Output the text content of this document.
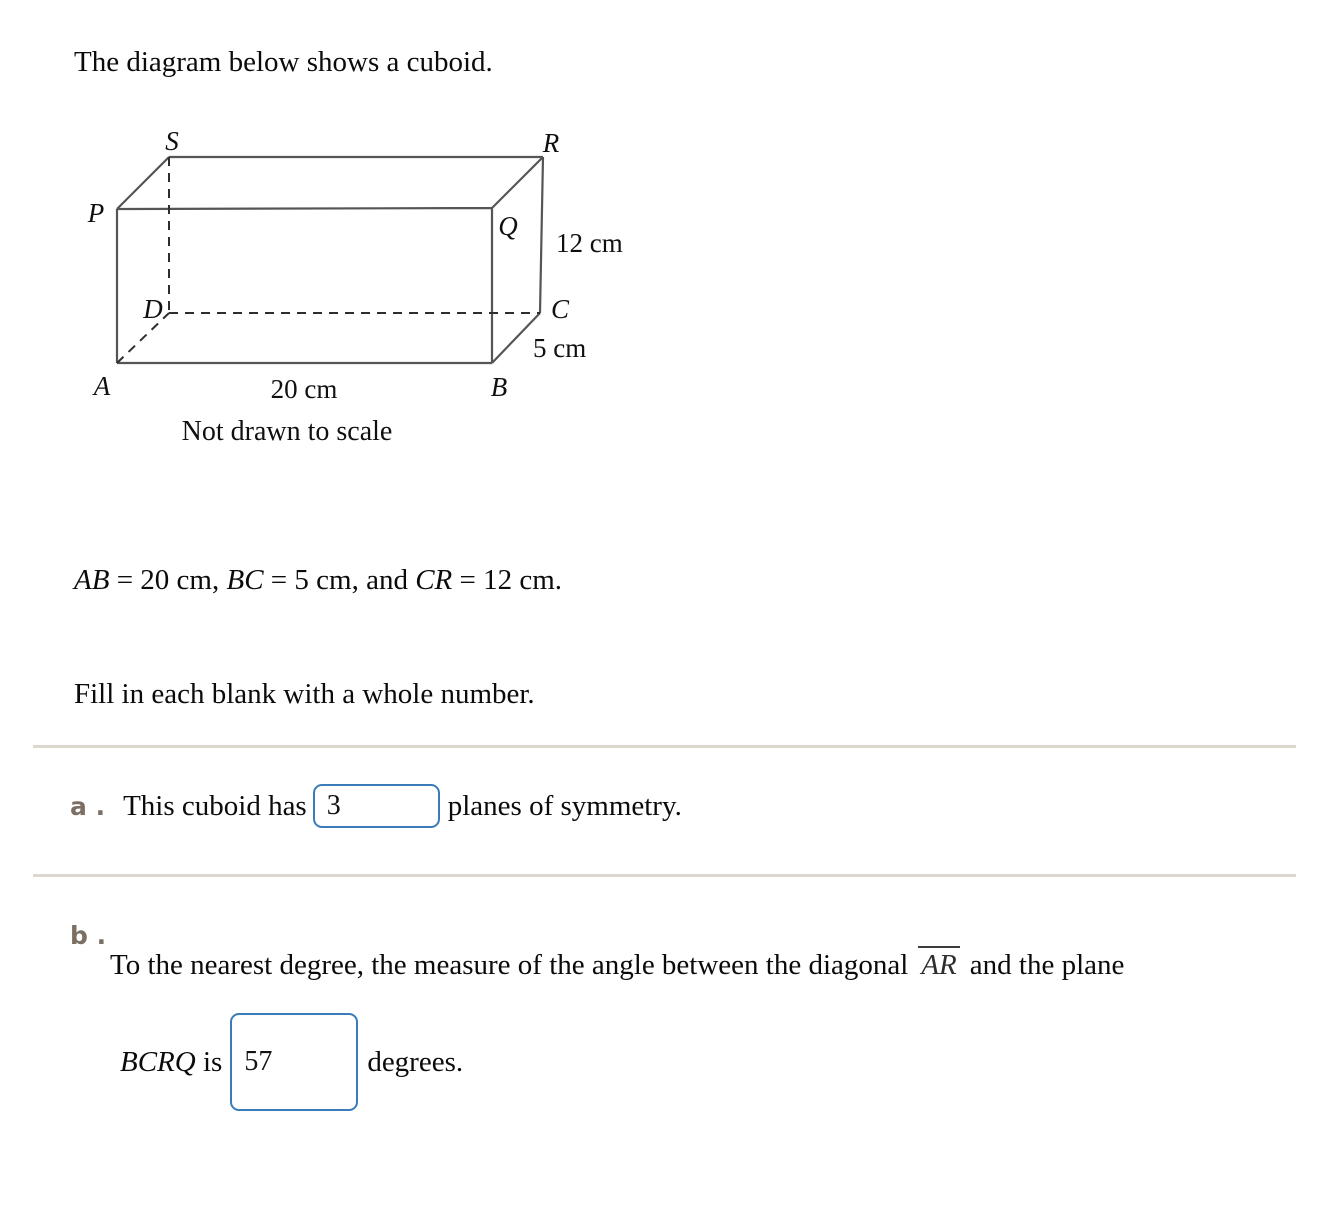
The diagram below shows a cuboid.
S	R
P	Q
D	C
A	B
12 cm
5 cm
20 cm
Not drawn to scale
AB = 20 cm, BC = 5 cm, and CR = 12 cm.
Fill in each blank with a whole number.
a . This cuboid has
3	planes of symmetry.
b .
To the nearest degree, the measure of the angle between the diagonal AR and the plane
BCRQ is
57	degrees.
